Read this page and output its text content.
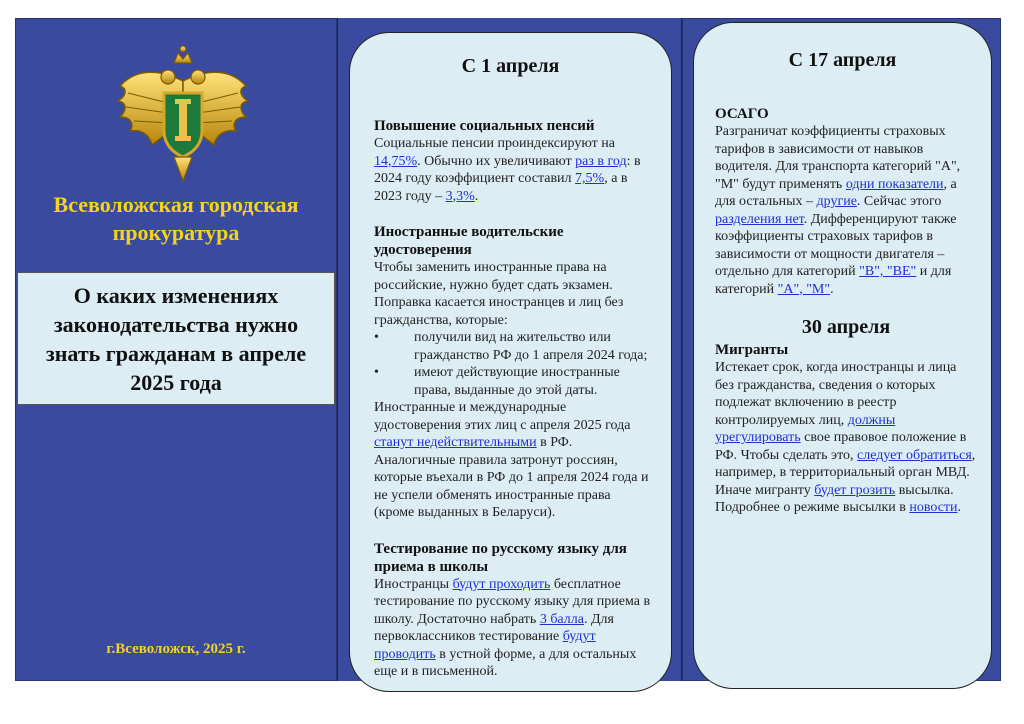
Всеволожская городская
прокуратура
О каких изменениях законодательства нужно знать гражданам в апреле 2025 года
г.Всеволожск, 2025 г.
С 1 апреля
Повышение социальных пенсий
Социальные пенсии проиндексируют на 14,75%. Обычно их увеличивают раз в год: в 2024 году коэффициент составил 7,5%, а в 2023 году – 3,3%.
Иностранные водительские удостоверения
Чтобы заменить иностранные права на российские, нужно будет сдать экзамен. Поправка касается иностранцев и лиц без гражданства, которые:
•	получили вид на жительство или гражданство РФ до 1 апреля 2024 года;
•	имеют действующие иностранные права, выданные до этой даты.
Иностранные и международные удостоверения этих лиц с апреля 2025 года станут недействительными в РФ. Аналогичные правила затронут россиян, которые въехали в РФ до 1 апреля 2024 года и не успели обменять иностранные права (кроме выданных в Беларуси).
Тестирование по русскому языку для приема в школы
Иностранцы будут проходить бесплатное тестирование по русскому языку для приема в школу. Достаточно набрать 3 балла. Для первоклассников тестирование будут проводить в устной форме, а для остальных еще и в письменной.
С 17 апреля
ОСАГО
Разграничат коэффициенты страховых тарифов в зависимости от навыков водителя. Для транспорта категорий "А", "М" будут применять одни показатели, а для остальных – другие. Сейчас этого разделения нет. Дифференцируют также коэффициенты страховых тарифов в зависимости от мощности двигателя – отдельно для категорий "В", "ВЕ" и для категорий "А", "М".
30 апреля
Мигранты
Истекает срок, когда иностранцы и лица без гражданства, сведения о которых подлежат включению в реестр контролируемых лиц, должны урегулировать свое правовое положение в РФ. Чтобы сделать это, следует обратиться, например, в территориальный орган МВД. Иначе мигранту будет грозить высылка. Подробнее о режиме высылки в новости.
